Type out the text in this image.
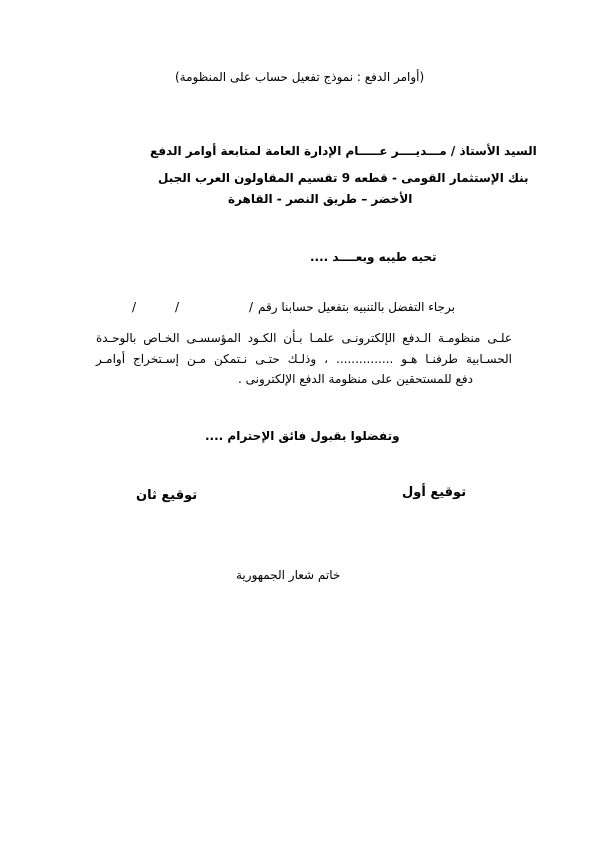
(أوامر الدفع : نموذج تفعيل حساب على المنظومة)
السيد الأستاذ / مـــديــــر عـــــام الإدارة العامة لمتابعة أوامر الدفع
بنك الإستثمار القومى - قطعه 9 تقسيم المقاولون العرب الجبل
الأخضر – طريق النصر - القاهرة
تحيه طيبه وبعــــد ....
برجاء التفضل بالتنبيه بتفعيل حسابنا رقم
/	/	/
علـى منظومـة الـدفع الإلكترونـى علمـا بـأن الكـود المؤسسـى الخـاص بالوحـدة
الحسـابية طرفنـا هـو ............... ، وذلـك حتـى نـتمكن مـن إسـتخراج أوامـر
دفع للمستحقين على منظومة الدفع الإلكترونى .
وتفضلوا بقبول فائق الإحترام ....
توقيع أول
توقيع ثان
خاتم شعار الجمهورية
